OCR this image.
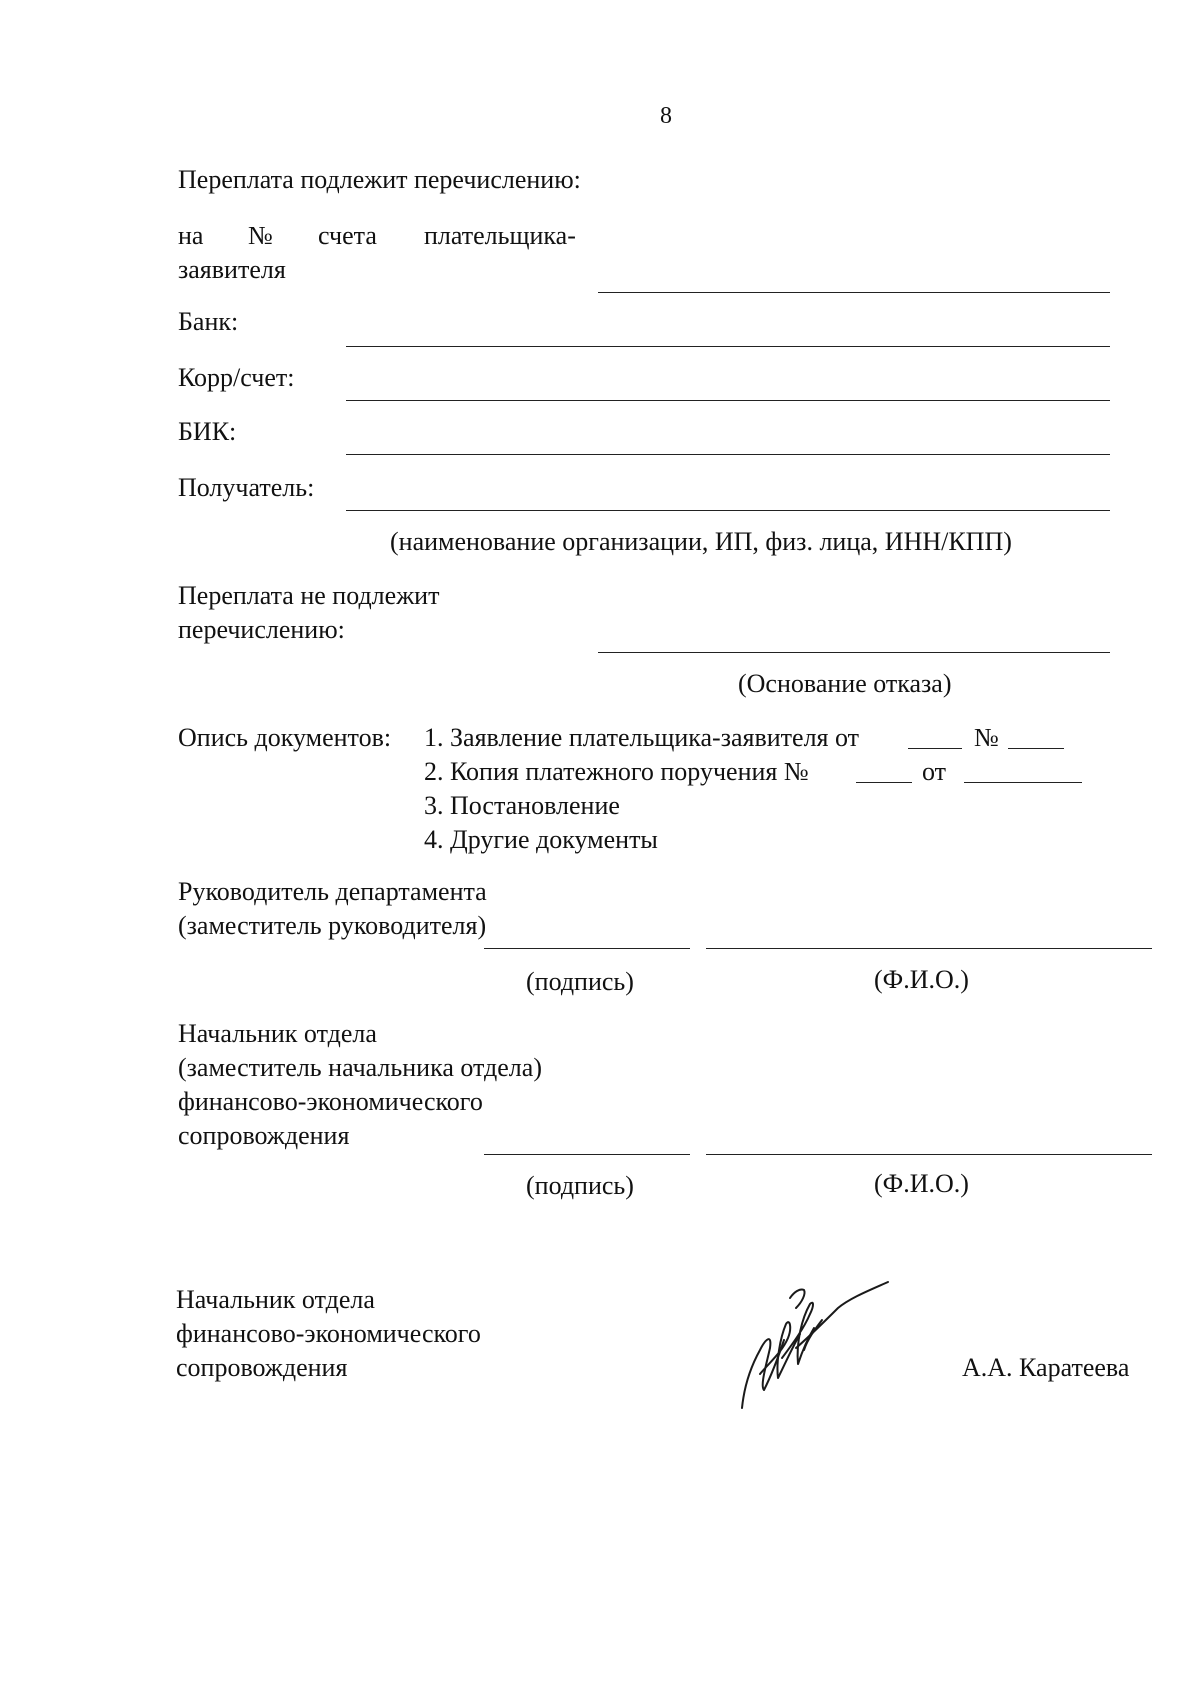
8
Переплата подлежит перечислению:
на № счета плательщика-
заявителя
Банк:
Корр/счет:
БИК:
Получатель:
(наименование организации, ИП, физ. лица, ИНН/КПП)
Переплата не подлежит
перечислению:
(Основание отказа)
Опись документов: 1. Заявление плательщика-заявителя от	№
2. Копия платежного поручения №	от
3. Постановление
4. Другие документы
Руководитель департамента
(заместитель руководителя)
(подпись)	(Ф.И.О.)
Начальник отдела
(заместитель начальника отдела)
финансово-экономического
сопровождения
(подпись)	(Ф.И.О.)
Начальник отдела
финансово-экономического
сопровождения	А.А. Каратеева
